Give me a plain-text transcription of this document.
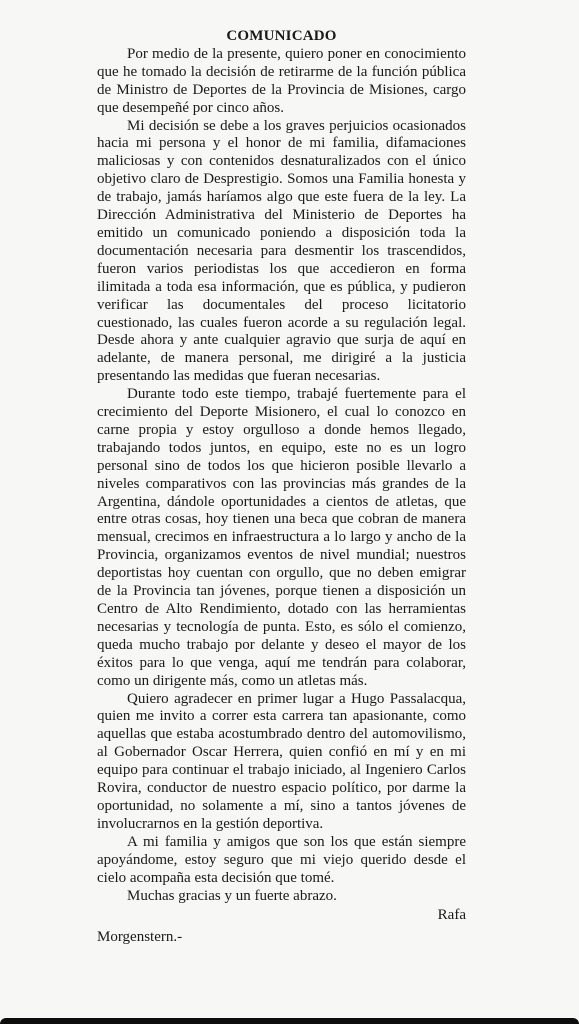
COMUNICADO

Por medio de la presente, quiero poner en conocimiento que he tomado la decisión de retirarme de la función pública de Ministro de Deportes de la Provincia de Misiones, cargo que desempeñé por cinco años.

Mi decisión se debe a los graves perjuicios ocasionados hacia mi persona y el honor de mi familia, difamaciones maliciosas y con contenidos desnaturalizados con el único objetivo claro de Desprestigio. Somos una Familia honesta y de trabajo, jamás haríamos algo que este fuera de la ley. La Dirección Administrativa del Ministerio de Deportes ha emitido un comunicado poniendo a disposición toda la documentación necesaria para desmentir los trascendidos, fueron varios periodistas los que accedieron en forma ilimitada a toda esa información, que es pública, y pudieron verificar las documentales del proceso licitatorio cuestionado, las cuales fueron acorde a su regulación legal. Desde ahora y ante cualquier agravio que surja de aquí en adelante, de manera personal, me dirigiré a la justicia presentando las medidas que fueran necesarias.

Durante todo este tiempo, trabajé fuertemente para el crecimiento del Deporte Misionero, el cual lo conozco en carne propia y estoy orgulloso a donde hemos llegado, trabajando todos juntos, en equipo, este no es un logro personal sino de todos los que hicieron posible llevarlo a niveles comparativos con las provincias más grandes de la Argentina, dándole oportunidades a cientos de atletas, que entre otras cosas, hoy tienen una beca que cobran de manera mensual, crecimos en infraestructura a lo largo y ancho de la Provincia, organizamos eventos de nivel mundial; nuestros deportistas hoy cuentan con orgullo, que no deben emigrar de la Provincia tan jóvenes, porque tienen a disposición un Centro de Alto Rendimiento, dotado con las herramientas necesarias y tecnología de punta. Esto, es sólo el comienzo, queda mucho trabajo por delante y deseo el mayor de los éxitos para lo que venga, aquí me tendrán para colaborar, como un dirigente más, como un atletas más.

Quiero agradecer en primer lugar a Hugo Passalacqua, quien me invito a correr esta carrera tan apasionante, como aquellas que estaba acostumbrado dentro del automovilismo, al Gobernador Oscar Herrera, quien confió en mí y en mi equipo para continuar el trabajo iniciado, al Ingeniero Carlos Rovira, conductor de nuestro espacio político, por darme la oportunidad, no solamente a mí, sino a tantos jóvenes de involucrarnos en la gestión deportiva.

A mi familia y amigos que son los que están siempre apoyándome, estoy seguro que mi viejo querido desde el cielo acompaña esta decisión que tomé.

Muchas gracias y un fuerte abrazo.

Rafa

Morgenstern.-
